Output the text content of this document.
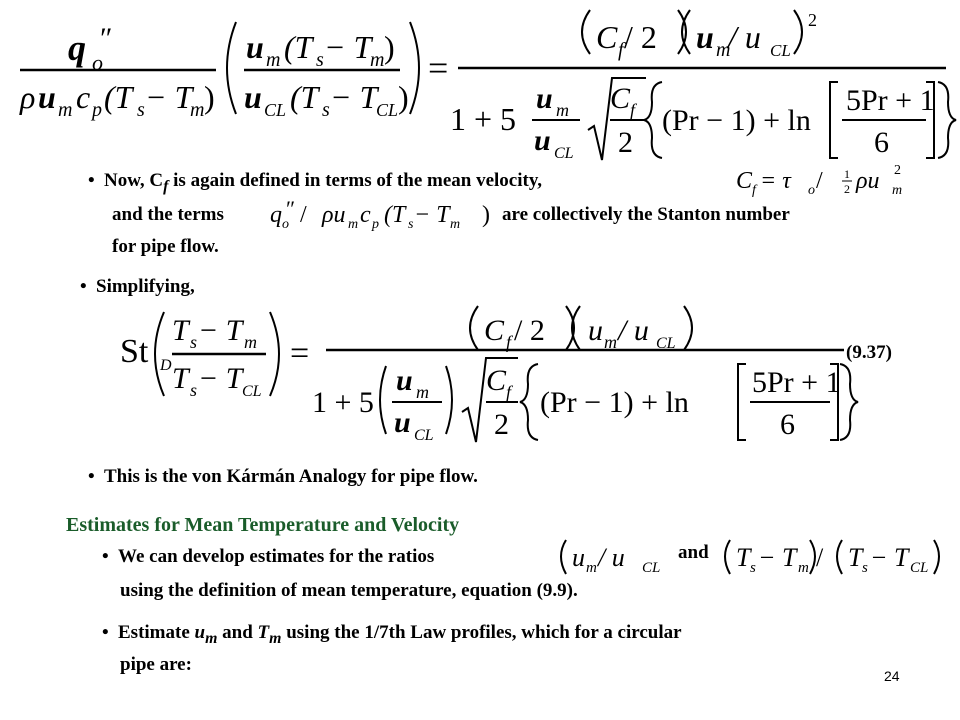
q o
″
ρ u m c p (T s − T
m )
u m (T s − T
m )
u CL (T s − T
CL )
=
C f / 2 u m
/ u CL
2
1 + 5
u m
u CL
C f
2
(Pr − 1) + ln
5Pr + 1
6
• Now, $C_f$ is again defined in terms of the mean velocity,	C f = τ o / 1
2 ρu m
2
and the terms q o
″ / ρu m c p (T s − T m ) are collectively the Stanton number
for pipe flow.
• Simplifying,
St D
T s − T m
T s − T CL
=
C f / 2 u m / u CL	(9.37)
1 + 5
u m
u CL
C f
2
(Pr − 1) + ln
5Pr + 1
6
• This is the von Kármán Analogy for pipe flow.
Estimates for Mean Temperature and Velocity
• We can develop estimates for the ratios	u m / u CL
and T s − T m / T s − T CL
using the definition of mean temperature, equation (9.9).
• Estimate $u_m$ and $T_m$ using the 1/7th Law profiles, which for a circular
pipe are:
24
